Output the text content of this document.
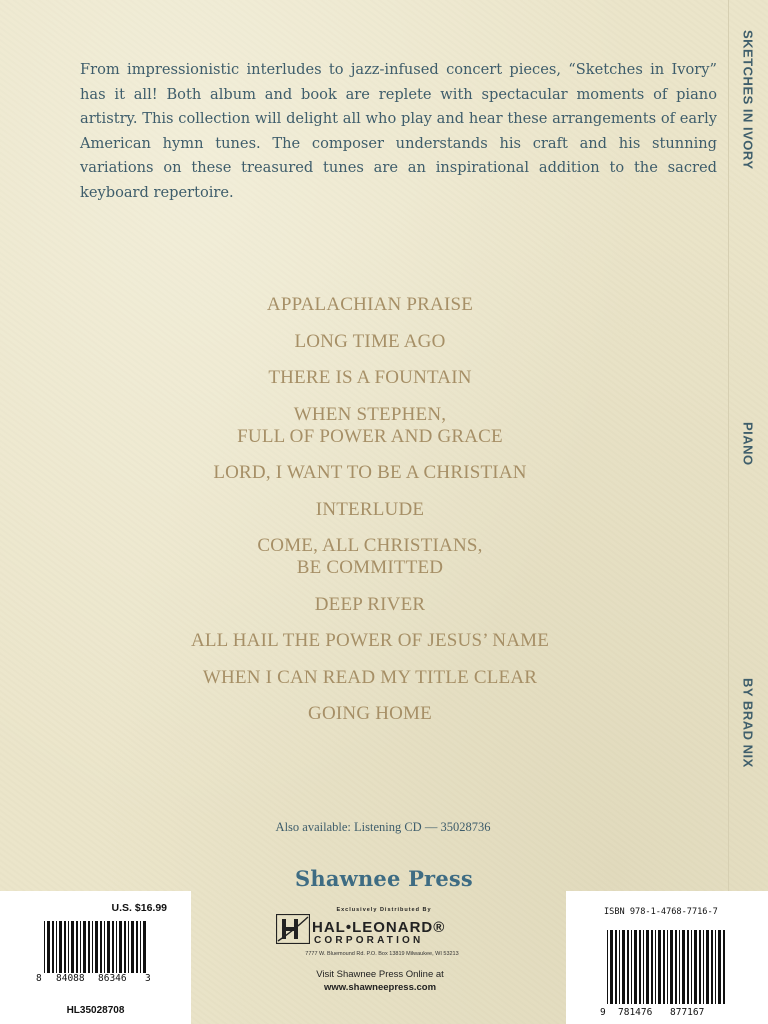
SKETCHES IN IVORY
PIANO
BY BRAD NIX

From impressionistic interludes to jazz-infused concert pieces, “Sketches in Ivory” has it all! Both album and book are replete with spectacular moments of piano artistry. This collection will delight all who play and hear these arrangements of early American hymn tunes. The composer understands his craft and his stunning variations on these treasured tunes are an inspirational addition to the sacred keyboard repertoire.

APPALACHIAN PRAISE
LONG TIME AGO
THERE IS A FOUNTAIN
WHEN STEPHEN,
FULL OF POWER AND GRACE
LORD, I WANT TO BE A CHRISTIAN
INTERLUDE
COME, ALL CHRISTIANS,
BE COMMITTED
DEEP RIVER
ALL HAIL THE POWER OF JESUS’ NAME
WHEN I CAN READ MY TITLE CLEAR
GOING HOME
Also available: Listening CD — 35028736
Shawnee Press
Exclusively Distributed By
HAL•LEONARD®
CORPORATION
7777 W. Bluemound Rd. P.O. Box 13819 Milwaukee, WI 53213
Visit Shawnee Press Online at
www.shawneepress.com
U.S. $16.99
8 84088 86346 3
HL35028708
ISBN 978-1-4768-7716-7
9 781476 877167
